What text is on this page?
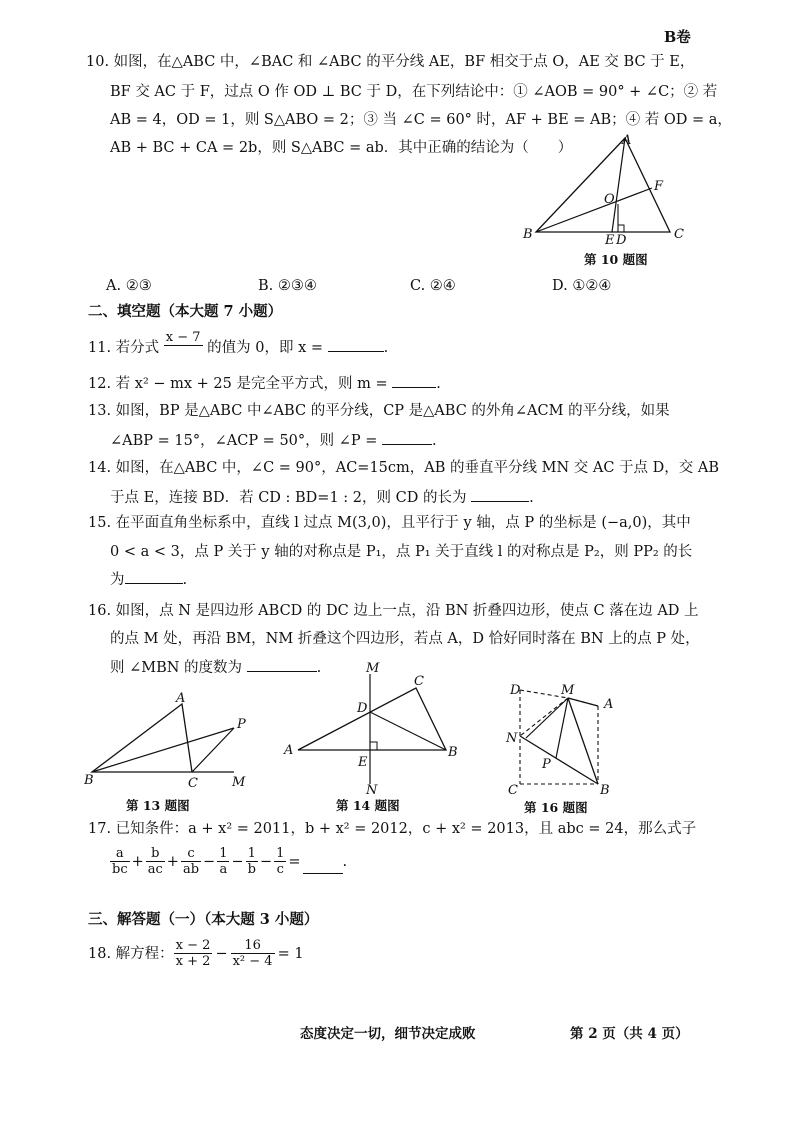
B卷
10. 如图，在△ABC 中，∠BAC 和 ∠ABC 的平分线 AE，BF 相交于点 O，AE 交 BC 于 E，
BF 交 AC 于 F，过点 O 作 OD ⊥ BC 于 D，在下列结论中：① ∠AOB = 90° + ∠C；② 若
AB = 4，OD = 1，则 S△ABO = 2；③ 当 ∠C = 60° 时，AF + BE = AB；④ 若 OD = a，
AB + BC + CA = 2b，则 S△ABC = ab．其中正确的结论为（　　）	A
B	C
O
F
E D
第 10 题图
A. ②③	B. ②③④	C. ②④	D. ①②④
二、填空题（本大题 7 小题）
11. 若分式
x − 7
的值为 0，即 x =	.
12. 若 x² − mx + 25 是完全平方式，则 m =	.
13. 如图，BP 是△ABC 中∠ABC 的平分线，CP 是△ABC 的外角∠ACM 的平分线，如果
∠ABP = 15°，∠ACP = 50°，则 ∠P =	.
14. 如图，在△ABC 中，∠C = 90°，AC=15cm，AB 的垂直平分线 MN 交 AC 于点 D，交 AB
于点 E，连接 BD．若 CD : BD=1 : 2，则 CD 的长为	.
15. 在平面直角坐标系中，直线 l 过点 M(3,0)，且平行于 y 轴，点 P 的坐标是 (−a,0)，其中
0 < a < 3，点 P 关于 y 轴的对称点是 P₁，点 P₁ 关于直线 l 的对称点是 P₂，则 PP₂ 的长
为	.
16. 如图，点 N 是四边形 ABCD 的 DC 边上一点，沿 BN 折叠四边形，使点 C 落在边 AD 上
的点 M 处，再沿 BM，NM 折叠这个四边形，若点 A，D 恰好同时落在 BN 上的点 P 处，
则 ∠MBN 的度数为	.
A
P
B	C	M
第 13 题图
M
C
D
A	B
E
N
第 14 题图
D	M
A
N
P
C	B
第 16 题图
17. 已知条件：a + x² = 2011，b + x² = 2012，c + x² = 2013，且 abc = 24，那么式子
$\frac{a}{bc} + \frac{b}{ac} + \frac{c}{ab} - \frac{1}{a} - \frac{1}{b} - \frac{1}{c}$ =	.
三、解答题（一）（本大题 3 小题）
18. 解方程： $\frac{x - 2}{x + 2} - \frac{16}{\text{x² − 4}} = 1$
态度决定一切，细节决定成败	第 2 页（共 4 页）
